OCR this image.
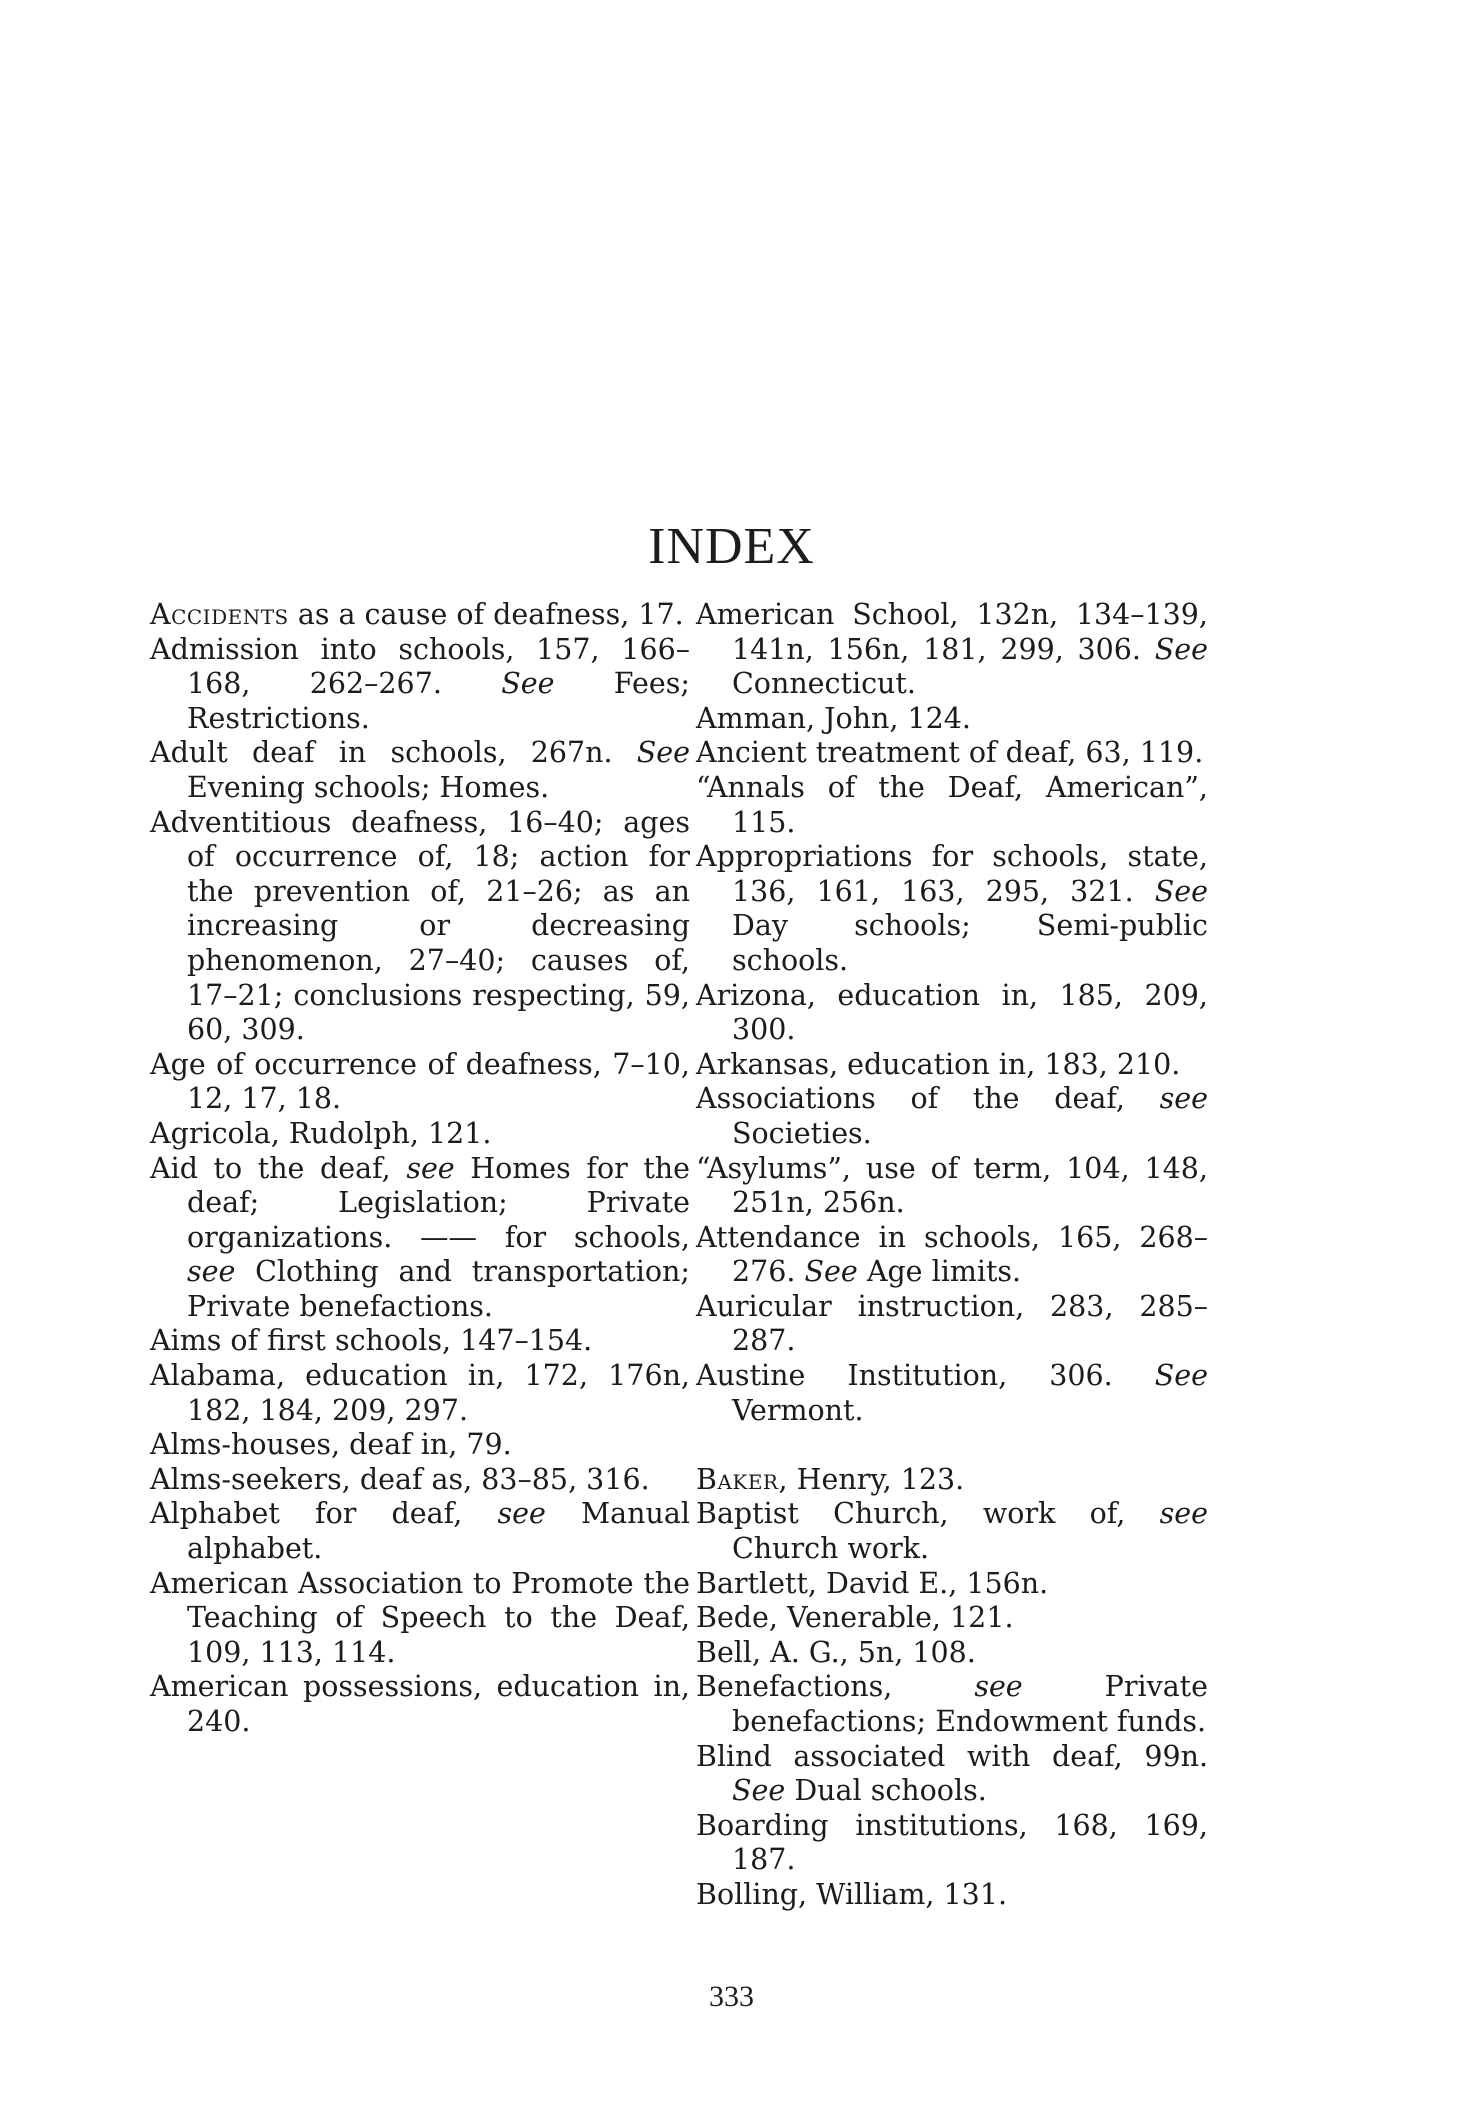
INDEX

Accidents as a cause of deafness, 17.

Admission into schools, 157, 166–168, 262–267. See Fees; Restrictions.

Adult deaf in schools, 267n. See Evening schools; Homes.

Adventitious deafness, 16–40; ages of occurrence of, 18; action for the prevention of, 21–26; as an increasing or decreasing phenomenon, 27–40; causes of, 17–21; conclusions respecting, 59, 60, 309.

Age of occurrence of deafness, 7–10, 12, 17, 18.

Agricola, Rudolph, 121.

Aid to the deaf, see Homes for the deaf; Legislation; Private organizations. —— for schools, see Clothing and transportation; Private benefactions.

Aims of first schools, 147–154.

Alabama, education in, 172, 176n, 182, 184, 209, 297.

Alms-houses, deaf in, 79.

Alms-seekers, deaf as, 83–85, 316.

Alphabet for deaf, see Manual alphabet.

American Association to Promote the Teaching of Speech to the Deaf, 109, 113, 114.

American possessions, education in, 240.

American School, 132n, 134–139, 141n, 156n, 181, 299, 306. See Connecticut.

Amman, John, 124.

Ancient treatment of deaf, 63, 119.

“Annals of the Deaf, American”, 115.

Appropriations for schools, state, 136, 161, 163, 295, 321. See Day schools; Semi-public schools.

Arizona, education in, 185, 209, 300.

Arkansas, education in, 183, 210.

Associations of the deaf, see Societies.

“Asylums”, use of term, 104, 148, 251n, 256n.

Attendance in schools, 165, 268–276. See Age limits.

Auricular instruction, 283, 285–287.

Austine Institution, 306. See Vermont.

Baker, Henry, 123.

Baptist Church, work of, see Church work.

Bartlett, David E., 156n.

Bede, Venerable, 121.

Bell, A. G., 5n, 108.

Benefactions, see Private benefactions; Endowment funds.

Blind associated with deaf, 99n. See Dual schools.

Boarding institutions, 168, 169, 187.

Bolling, William, 131.

333
